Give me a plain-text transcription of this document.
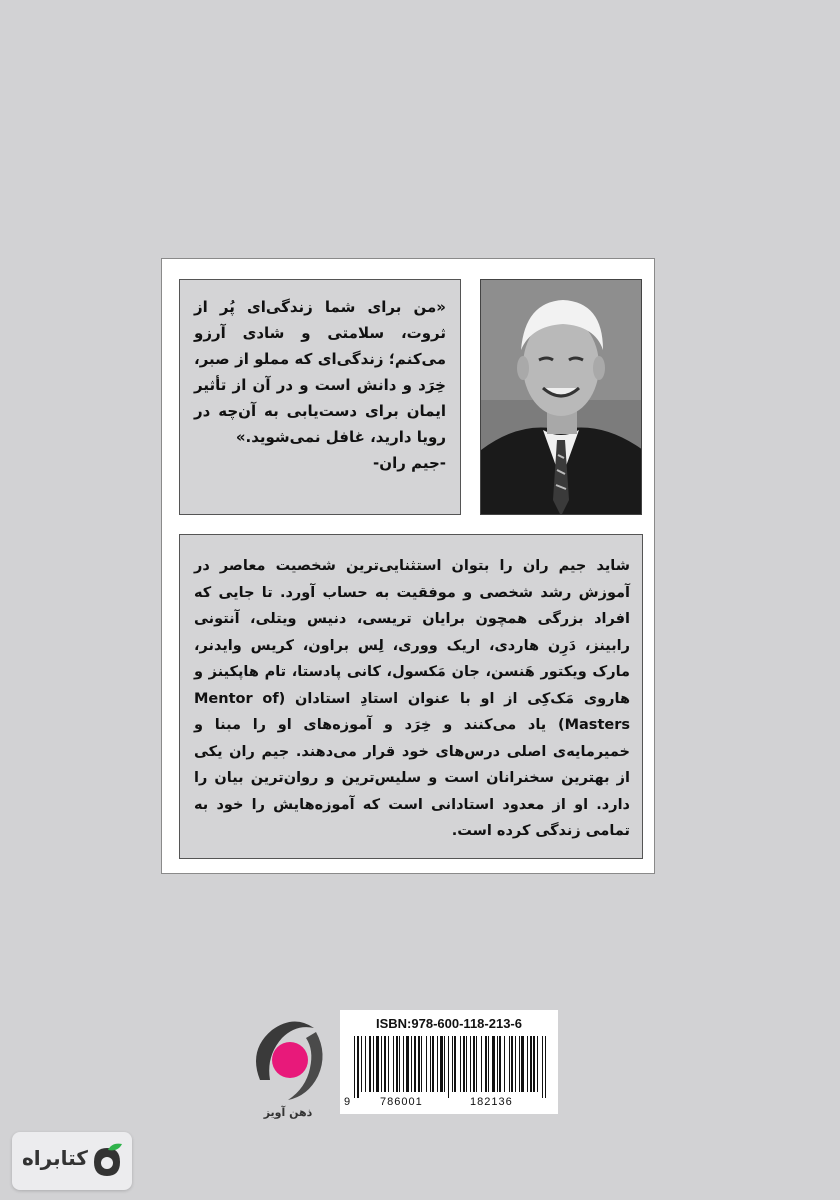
«من برای شما زندگی‌ای پُر از ثروت، سلامتی و شادی آرزو می‌کنم؛ زندگی‌ای که مملو از صبر، خِرَد و دانش است و در آن از تأثیر ایمان برای دست‌یابی به آن‌چه در رویا دارید، غافل نمی‌شوید.»

-جیم ران-

شاید جیم ران را بتوان استثنایی‌ترین شخصیت معاصر در آموزش رشد شخصی و موفقیت به حساب آورد. تا جایی که افراد بزرگی همچون برایان تریسی، دنیس ویتلی، آنتونی رابینز، دَرِن هاردی، اریک ووری، لِس براون، کریس وایدنر، مارک ویکتور هَنسن، جان مَکسول، کانی پادستا، تام هاپکینز و هاروی مَک‌کِی از او با عنوان استادِ استادان (Mentor of Masters) یاد می‌کنند و خِرَد و آموزه‌های او را مبنا و خمیرمایه‌ی اصلی درس‌های خود قرار می‌دهند. جیم ران یکی از بهترین سخنرانان است و سلیس‌ترین و روان‌ترین بیان را دارد. او از معدود استادانی است که آموزه‌هایش را خود به تمامی زندگی کرده است.

ذهن آویز
ISBN:978-600-118-213-6
9	786001	182136
کتابراه
